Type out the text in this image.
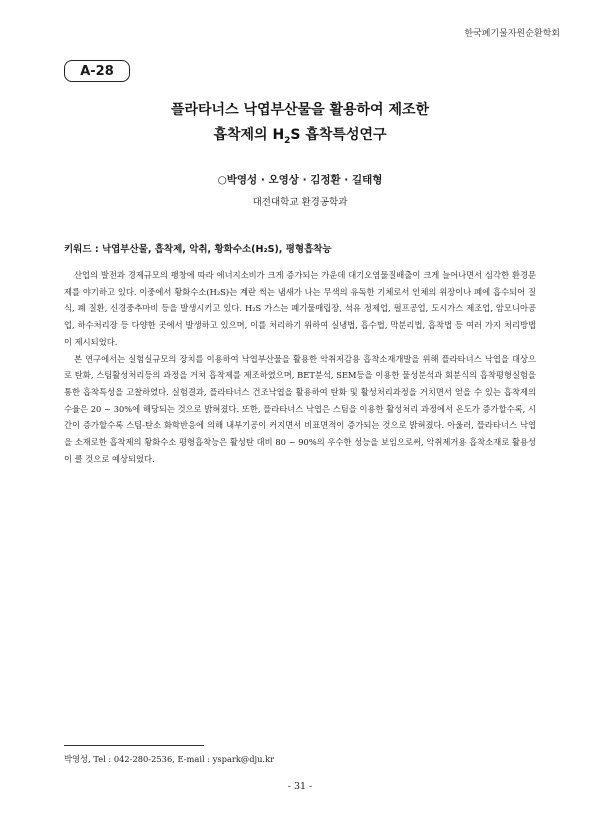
한국폐기물자원순환학회
A-28
플라타너스 낙엽부산물을 활용하여 제조한
흡착제의 $H_2S$ 흡착특성연구
○박영성 · 오영상 · 김정환 · 길태형
대전대학교 환경공학과
키워드 : 낙엽부산물, 흡착제, 악취, 황화수소(H₂S), 평형흡착능

산업의 발전과 경제규모의 팽창에 따라 에너지소비가 크게 증가되는 가운데 대기오염물질배출이 크게 늘어나면서 심각한 환경문제를 야기하고 있다. 이중에서 황화수소(H₂S)는 계란 썩는 냄새가 나는 무색의 유독한 기체로서 인체의 위장이나 폐에 흡수되어 질식, 폐 질환, 신경중추마비 등을 발생시키고 있다. H₂S 가스는 폐기물매립장, 석유 정제업, 펄프공업, 도시가스 제조업, 암모니아공업, 하수처리장 등 다양한 곳에서 발생하고 있으며, 이를 처리하기 위하여 실냉법, 흡수법, 막분리법, 흡착법 등 여러 가지 처리방법이 제시되었다.

본 연구에서는 실험실규모의 장치를 이용하여 낙엽부산물을 활용한 악취저감용 흡착소재개발을 위해 플라타너스 낙엽을 대상으로 탄화, 스팀활성처리등의 과정을 거쳐 흡착제를 제조하였으며, BET분석, SEM등을 이용한 물성분석과 회분식의 흡착평형실험을 통한 흡착특성을 고찰하였다. 실험결과, 플라타너스 건조낙엽을 활용하여 탄화 및 활성처리과정을 거치면서 얻을 수 있는 흡착제의 수율은 20 ~ 30%에 해당되는 것으로 밝혀졌다. 또한, 플라타너스 낙엽은 스팀을 이용한 활성처리 과정에서 온도가 증가할수록, 시간이 증가할수록 스팀-탄소 화학반응에 의해 내부기공이 커지면서 비표면적이 증가되는 것으로 밝혀졌다. 아울러, 플라타너스 낙엽을 소재로한 흡착제의 황화수소 평형흡착능은 활성탄 대비 80 ~ 90%의 우수한 성능을 보임으로써, 악취제거용 흡착소재로 활용성이 클 것으로 예상되었다.

박영성, Tel : 042-280-2536, E-mail : yspark@dju.kr
- 31 -
